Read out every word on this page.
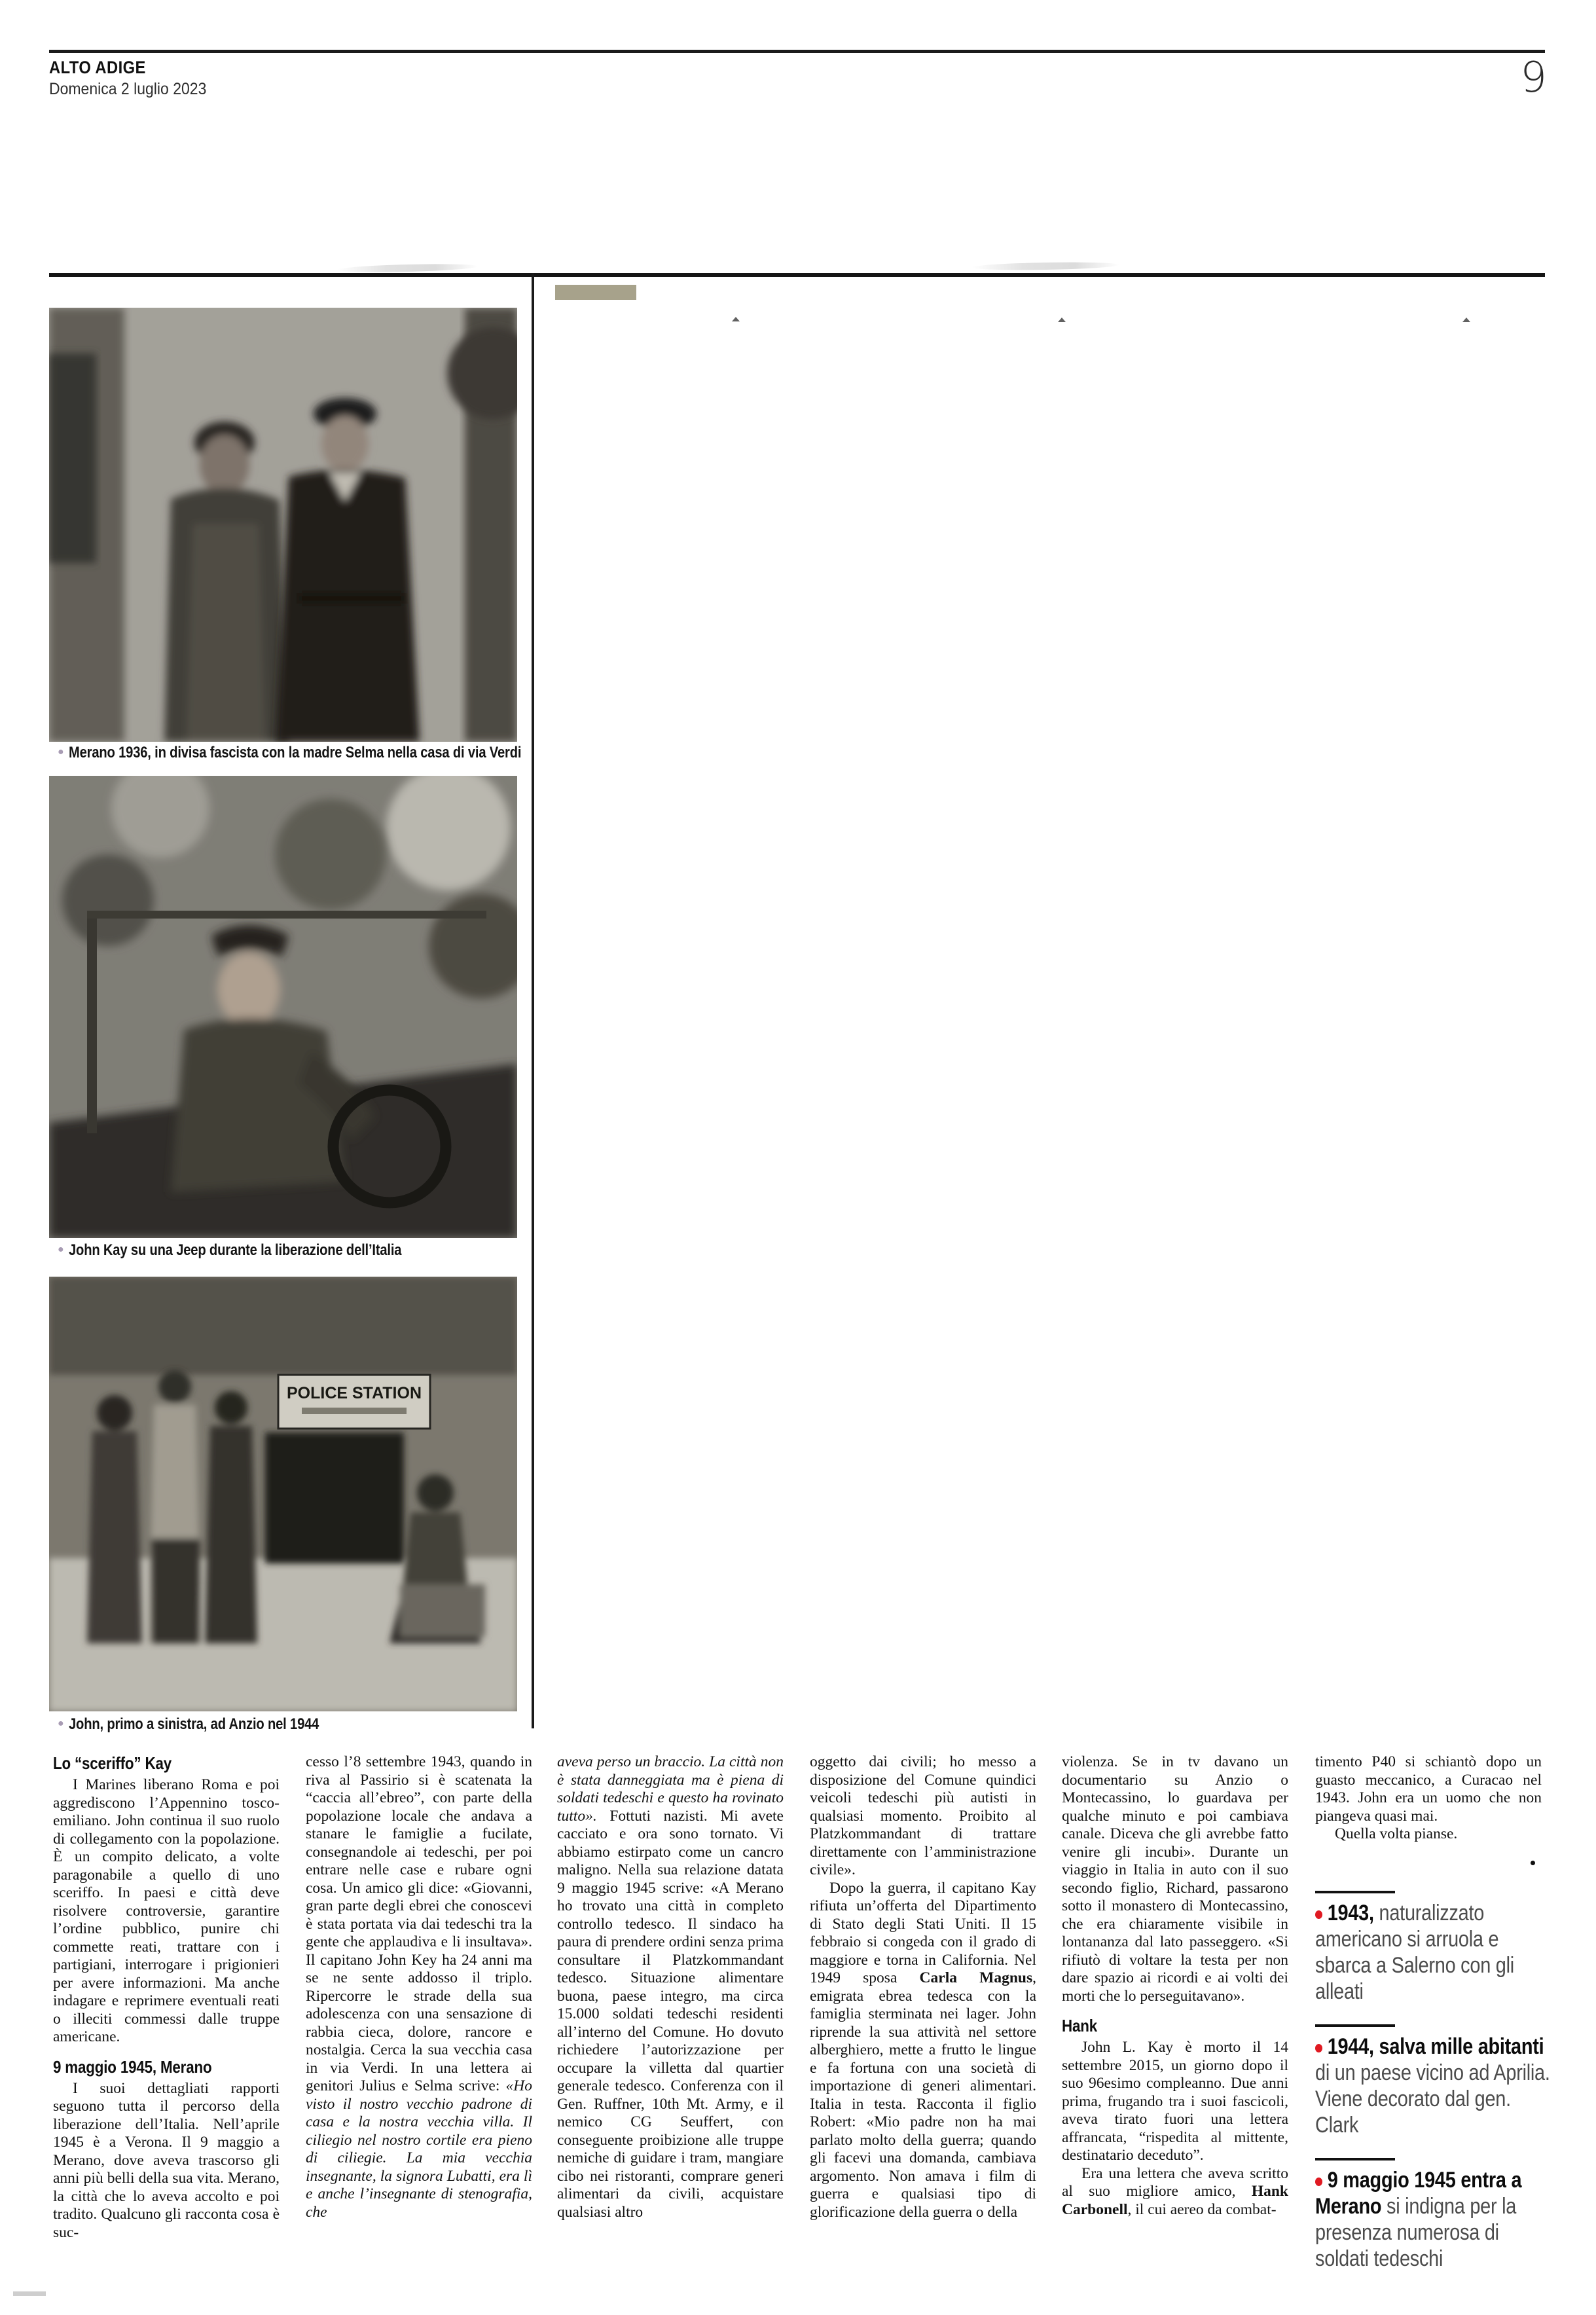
ALTO ADIGE
Domenica 2 luglio 2023	9
● Merano 1936, in divisa fascista con la madre Selma nella casa di via Verdi
● John Kay su una Jeep durante la liberazione dell’Italia
POLICE STATION
● John, primo a sinistra, ad Anzio nel 1944
Lo “sceriffo” Kay

I Marines liberano Roma e poi aggrediscono l’Appennino tosco-emiliano. John continua il suo ruolo di collegamento con la popolazione. È un compito delicato, a volte paragonabile a quello di uno sceriffo. In paesi e città deve risolvere controversie, garantire l’ordine pubblico, punire chi commette reati, trattare con i partigiani, interrogare i prigionieri per avere informazioni. Ma anche indagare e reprimere eventuali reati o illeciti commessi dalle truppe americane.

9 maggio 1945, Merano

I suoi dettagliati rapporti seguono tutta il percorso della liberazione dell’Italia. Nell’aprile 1945 è a Verona. Il 9 maggio a Merano, dove aveva trascorso gli anni più belli della sua vita. Merano, la città che lo aveva accolto e poi tradito. Qualcuno gli racconta cosa è suc-

cesso l’8 settembre 1943, quando in riva al Passirio si è scatenata la “caccia all’ebreo”, con parte della popolazione locale che andava a stanare le famiglie a fucilate, consegnandole ai tedeschi, per poi entrare nelle case e rubare ogni cosa. Un amico gli dice: «Giovanni, gran parte degli ebrei che conoscevi è stata portata via dai tedeschi tra la gente che applaudiva e li insultava». Il capitano John Key ha 24 anni ma se ne sente addosso il triplo. Ripercorre le strade della sua adolescenza con una sensazione di rabbia cieca, dolore, rancore e nostalgia. Cerca la sua vecchia casa in via Verdi. In una lettera ai genitori Julius e Selma scrive: «Ho visto il nostro vecchio padrone di casa e la nostra vecchia villa. Il ciliegio nel nostro cortile era pieno di ciliegie. La mia vecchia insegnante, la signora Lubatti, era lì e anche l’insegnante di stenografia, che

aveva perso un braccio. La città non è stata danneggiata ma è piena di soldati tedeschi e questo ha rovinato tutto». Fottuti nazisti. Mi avete cacciato e ora sono tornato. Vi abbiamo estirpato come un cancro maligno. Nella sua relazione datata 9 maggio 1945 scrive: «A Merano ho trovato una città in completo controllo tedesco. Il sindaco ha paura di prendere ordini senza prima consultare il Platzkommandant tedesco. Situazione alimentare buona, paese integro, ma circa 15.000 soldati tedeschi residenti all’interno del Comune. Ho dovuto richiedere l’autorizzazione per occupare la villetta dal quartier generale tedesco. Conferenza con il Gen. Ruffner, 10th Mt. Army, e il nemico CG Seuffert, con conseguente proibizione alle truppe nemiche di guidare i tram, mangiare cibo nei ristoranti, comprare generi alimentari da civili, acquistare qualsiasi altro

oggetto dai civili; ho messo a disposizione del Comune quindici veicoli tedeschi più autisti in qualsiasi momento. Proibito al Platzkommandant di trattare direttamente con l’amministrazione civile».

Dopo la guerra, il capitano Kay rifiuta un’offerta del Dipartimento di Stato degli Stati Uniti. Il 15 febbraio si congeda con il grado di maggiore e torna in California. Nel 1949 sposa Carla Magnus, emigrata ebrea tedesca con la famiglia sterminata nei lager. John riprende la sua attività nel settore alberghiero, mette a frutto le lingue e fa fortuna con una società di importazione di generi alimentari. Italia in testa. Racconta il figlio Robert: «Mio padre non ha mai parlato molto della guerra; quando gli facevi una domanda, cambiava argomento. Non amava i film di guerra e qualsiasi tipo di glorificazione della guerra o della

violenza. Se in tv davano un documentario su Anzio o Montecassino, lo guardava per qualche minuto e poi cambiava canale. Diceva che gli avrebbe fatto venire gli incubi». Durante un viaggio in Italia in auto con il suo secondo figlio, Richard, passarono sotto il monastero di Montecassino, che era chiaramente visibile in lontananza dal lato passeggero. «Si rifiutò di voltare la testa per non dare spazio ai ricordi e ai volti dei morti che lo perseguitavano».

Hank

John L. Kay è morto il 14 settembre 2015, un giorno dopo il suo 96esimo compleanno. Due anni prima, frugando tra i suoi fascicoli, aveva tirato fuori una lettera affrancata, “rispedita al mittente, destinatario deceduto”.

Era una lettera che aveva scritto al suo migliore amico, Hank Carbonell, il cui aereo da combat-

timento P40 si schiantò dopo un guasto meccanico, a Curacao nel 1943. John era un uomo che non piangeva quasi mai.

Quella volta pianse.

1943, naturalizzato americano si arruola e sbarca a Salerno con gli alleati
1944, salva mille abitanti di un paese vicino ad Aprilia. Viene decorato dal gen. Clark
9 maggio 1945 entra a Merano si indigna per la presenza numerosa di soldati tedeschi
